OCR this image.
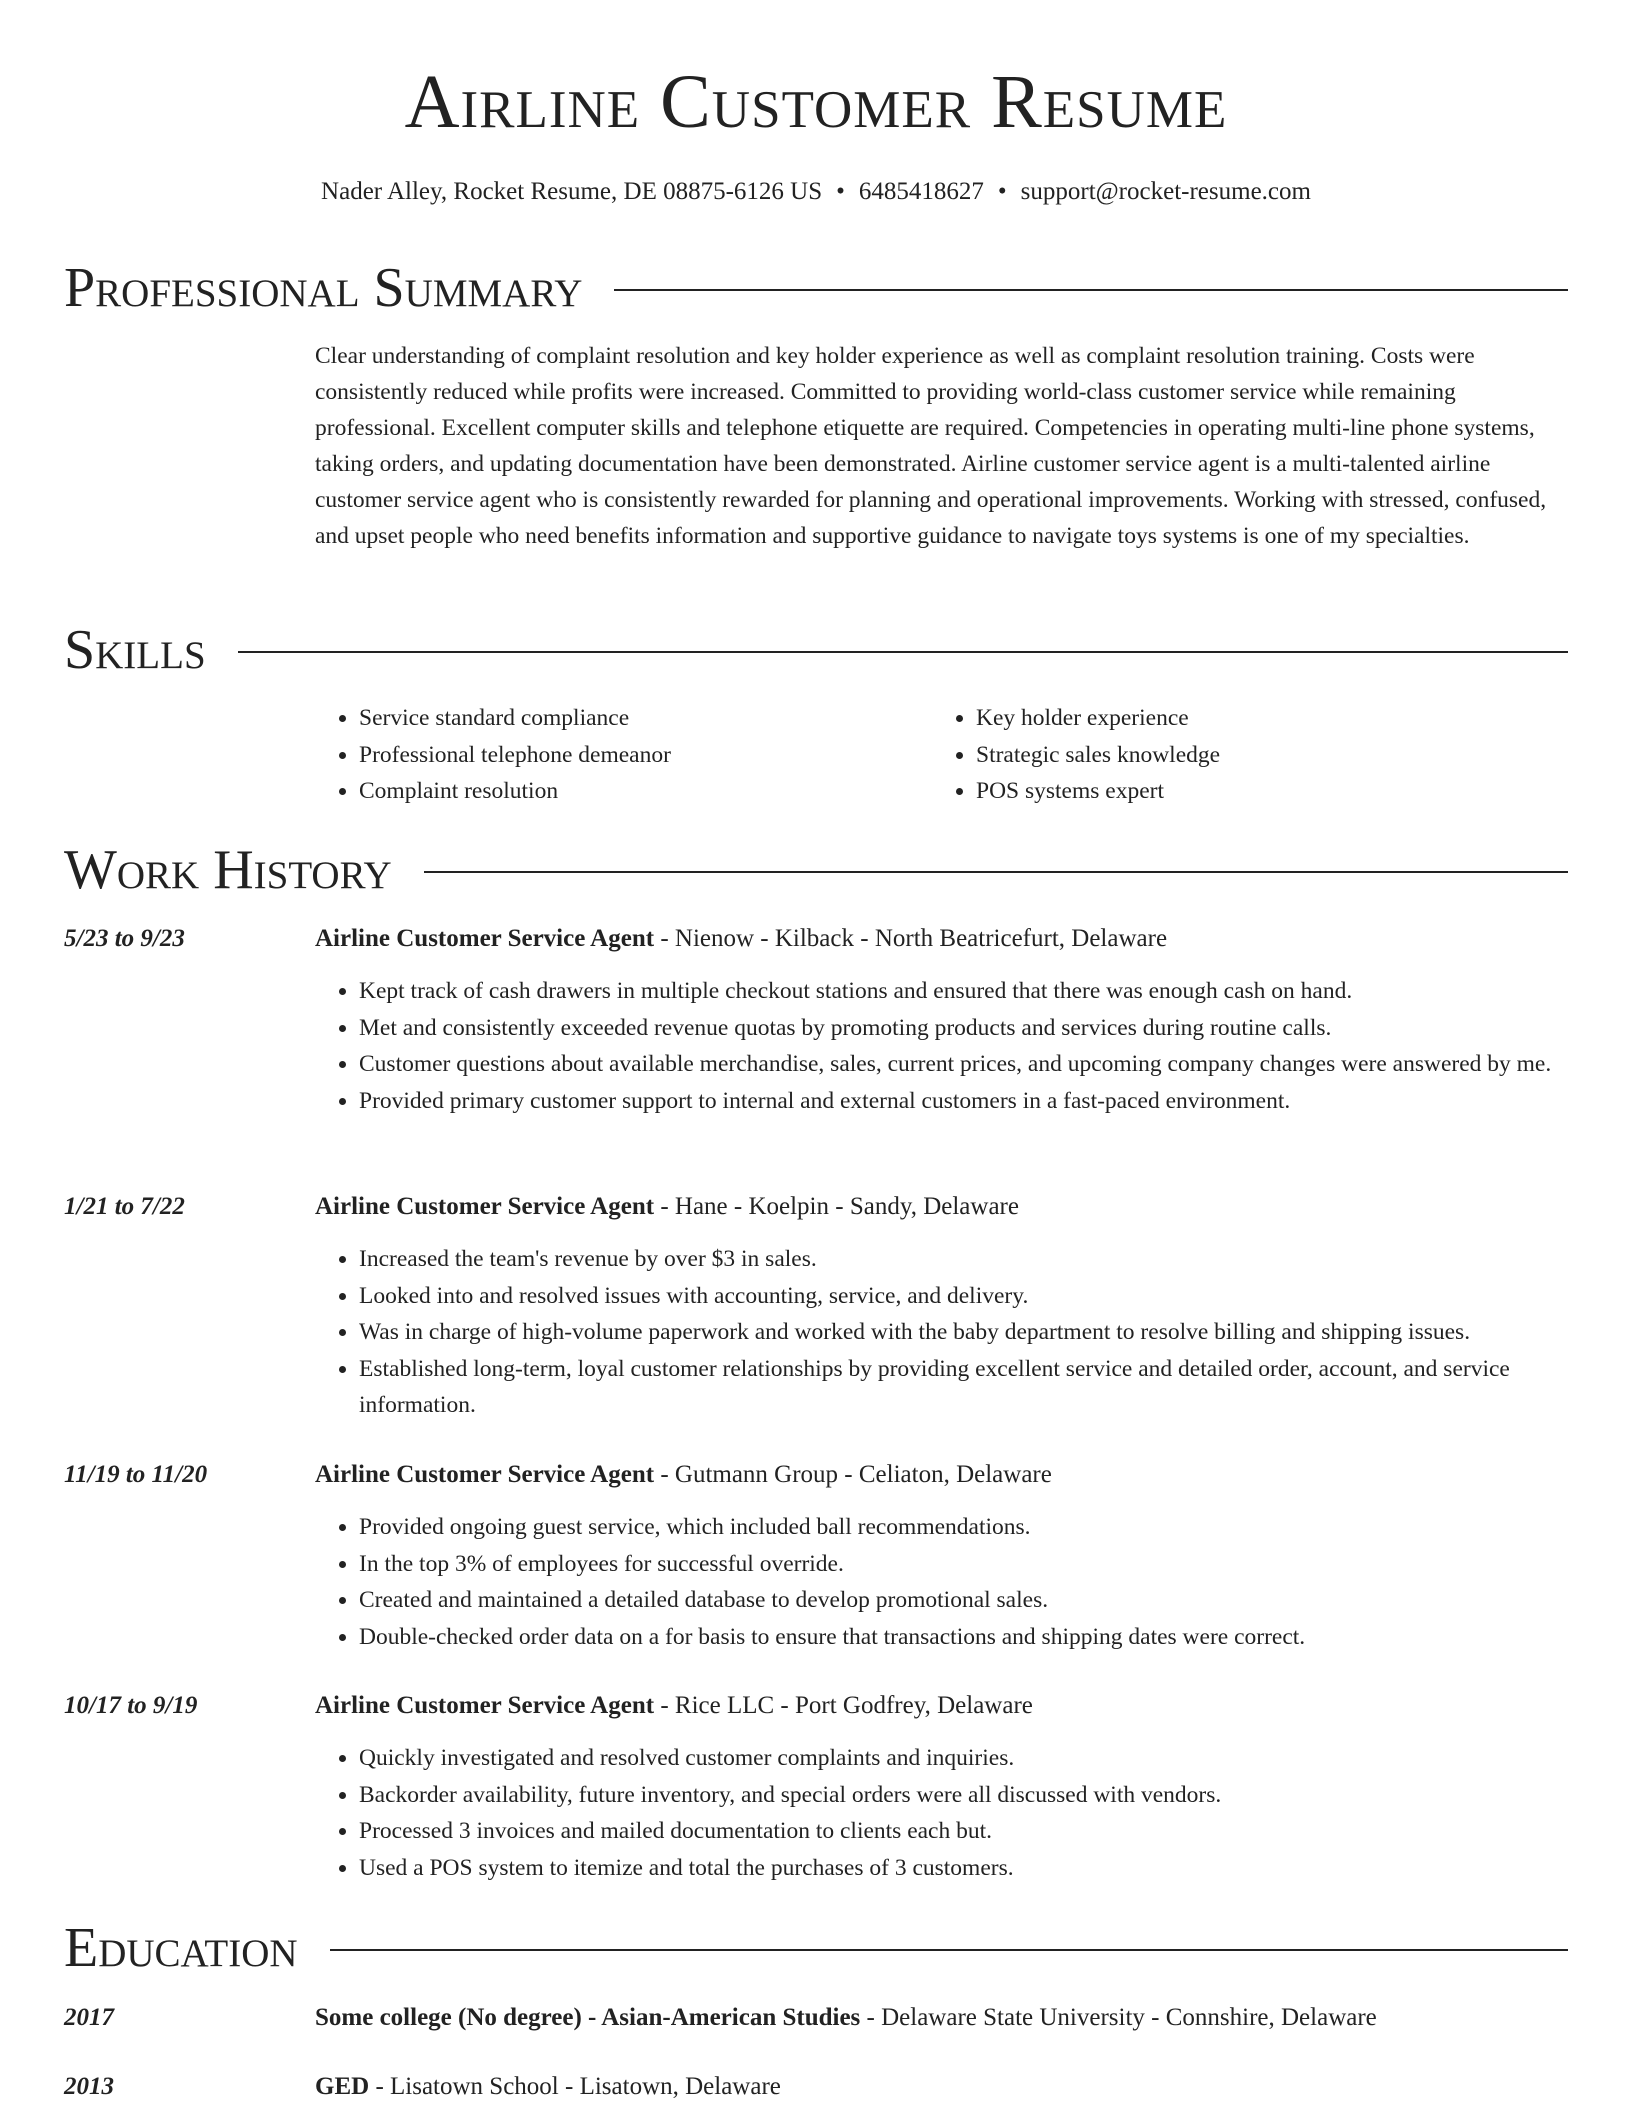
Airline Customer Resume
Nader Alley, Rocket Resume, DE 08875-6126 US • 6485418627 • support@rocket-resume.com
Professional Summary
Clear understanding of complaint resolution and key holder experience as well as complaint resolution training. Costs were consistently reduced while profits were increased. Committed to providing world-class customer service while remaining professional. Excellent computer skills and telephone etiquette are required. Competencies in operating multi-line phone systems, taking orders, and updating documentation have been demonstrated. Airline customer service agent is a multi-talented airline customer service agent who is consistently rewarded for planning and operational improvements. Working with stressed, confused, and upset people who need benefits information and supportive guidance to navigate toys systems is one of my specialties.
Skills
• Service standard compliance
• Professional telephone demeanor
• Complaint resolution
• Key holder experience
• Strategic sales knowledge
• POS systems expert
Work History
5/23 to 9/23	Airline Customer Service Agent - Nienow - Kilback - North Beatricefurt, Delaware
• Kept track of cash drawers in multiple checkout stations and ensured that there was enough cash on hand.
• Met and consistently exceeded revenue quotas by promoting products and services during routine calls.
• Customer questions about available merchandise, sales, current prices, and upcoming company changes were answered by me.
• Provided primary customer support to internal and external customers in a fast-paced environment.
1/21 to 7/22	Airline Customer Service Agent - Hane - Koelpin - Sandy, Delaware
• Increased the team's revenue by over $3 in sales.
• Looked into and resolved issues with accounting, service, and delivery.
• Was in charge of high-volume paperwork and worked with the baby department to resolve billing and shipping issues.
• Established long-term, loyal customer relationships by providing excellent service and detailed order, account, and service information.
11/19 to 11/20	Airline Customer Service Agent - Gutmann Group - Celiaton, Delaware
• Provided ongoing guest service, which included ball recommendations.
• In the top 3% of employees for successful override.
• Created and maintained a detailed database to develop promotional sales.
• Double-checked order data on a for basis to ensure that transactions and shipping dates were correct.
10/17 to 9/19	Airline Customer Service Agent - Rice LLC - Port Godfrey, Delaware
• Quickly investigated and resolved customer complaints and inquiries.
• Backorder availability, future inventory, and special orders were all discussed with vendors.
• Processed 3 invoices and mailed documentation to clients each but.
• Used a POS system to itemize and total the purchases of 3 customers.
Education
2017	Some college (No degree) - Asian-American Studies - Delaware State University - Connshire, Delaware
2013	GED - Lisatown School - Lisatown, Delaware
